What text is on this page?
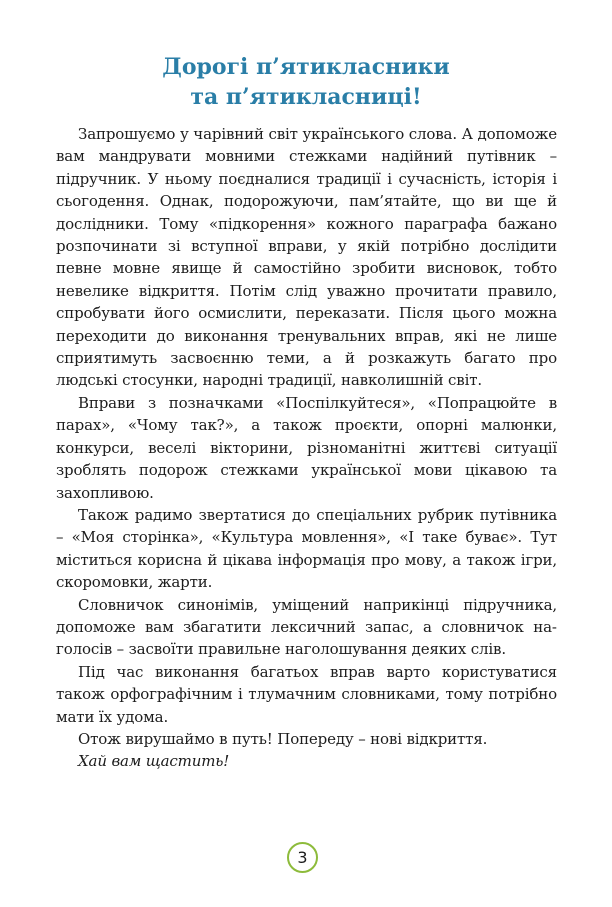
Дорогі п’ятикласники
та п’ятикласниці!

Запрошуємо у чарівний світ українського слова. А допоможе вам мандрувати мовними стежками надійний путівник – підручник. У ньому поєдналися традиції і сучасність, історія і сьогодення. Однак, подорожуючи, пам’ятайте, що ви ще й дослідники. Тому «підкорення» кожного параграфа бажано розпочинати зі вступної вправи, у якій потрібно дослідити певне мовне явище й самостійно зробити висновок, тобто невелике відкриття. Потім слід уважно прочитати правило, спробувати його осмислити, переказати. Після цього можна переходити до виконання тренувальних вправ, які не лише сприятимуть засвоєнню теми, а й розкажуть багато про людські стосунки, народні традиції, навколишній світ.

Вправи з позначками «Поспілкуйтеся», «Попрацюйте в парах», «Чому так?», а також проєкти, опорні малюнки, конкурси, веселі вікторини, різноманітні життєві ситуації зроблять подорож стежками української мови цікавою та захопливою.

Також радимо звертатися до спеціальних рубрик путівника – «Моя сторінка», «Культура мовлення», «І таке буває». Тут міститься корисна й цікава інформація про мову, а також ігри, скоромовки, жарти.

Словничок синонімів, уміщений наприкінці підручника, допоможе вам збагатити лексичний запас, а словничок наголосів – засвоїти правильне наголошування деяких слів.

Під час виконання багатьох вправ варто користуватися також орфографічним і тлумачним словниками, тому потрібно мати їх удома.

Отож вирушаймо в путь! Попереду – нові відкриття.

Хай вам щастить!

3
